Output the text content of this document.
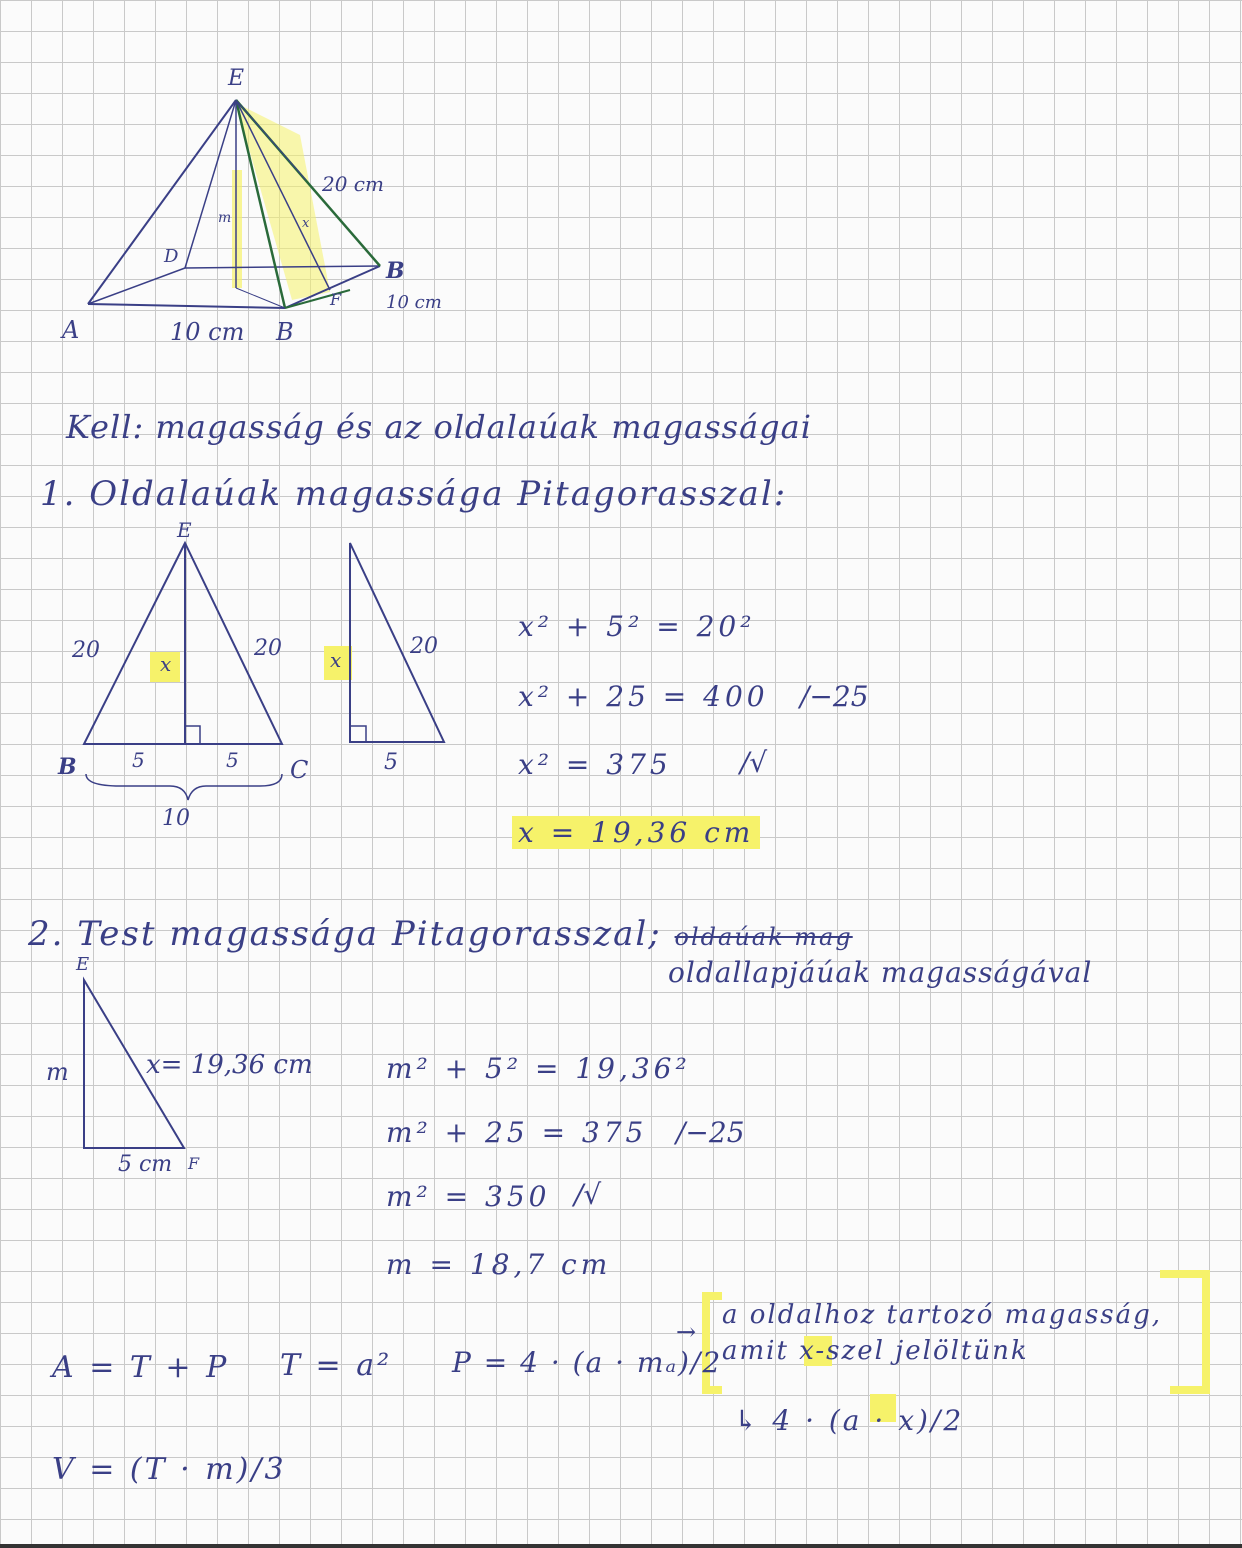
E
D
A	B
B
F
m	x
20 cm
10 cm
10 cm
Kell: magasság és az oldalaúak magasságai
1. Oldalaúak magassága Pitagorasszal:
E
20	20
x
5	5
B	C
10
x
20
5
x² + 5² = 20²
x² + 25 = 400 /−25
x² = 375 /√
x = 19,36 cm
2. Test magassága Pitagorasszal; oldaúak mag
oldallapjáúak magasságával
E
m	x= 19,36 cm
5 cm F
m² + 5² = 19,36²
m² + 25 = 375 /−25
m² = 350 /√
m = 18,7 cm
A = T + P T = a² P = 4 · (a · mₐ)/2
→
a oldalhoz tartozó magasság,
amit x-szel jelöltünk
↳ 4 · (a · x)/2
V = (T · m)/3
